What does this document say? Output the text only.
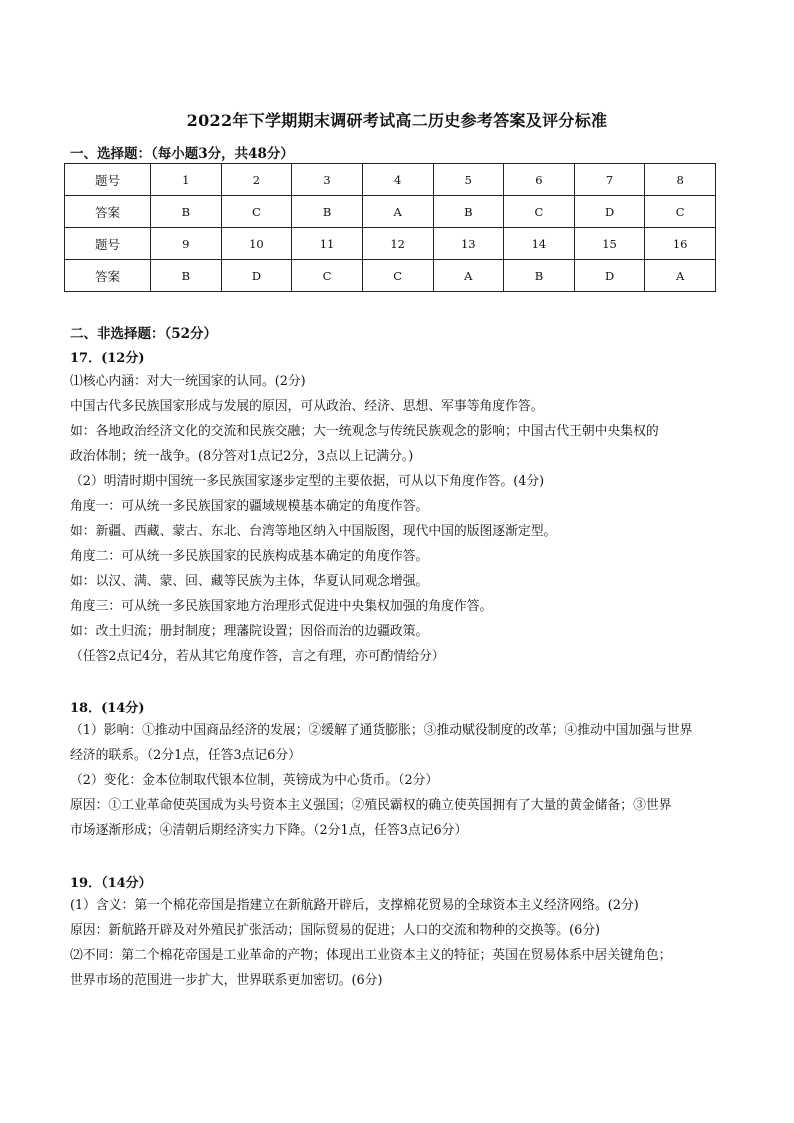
2022年下学期期末调研考试高二历史参考答案及评分标准
一、选择题：（每小题3分，共48分）
题号	1	2	3	4	5	6	7	8
答案	B	C	B	A	B	C	D	C
题号	9	10	11	12	13	14	15	16
答案	B	D	C	C	A	B	D	A
二、非选择题：（52分）
17．(12分)
⑴核心内涵：对大一统国家的认同。(2分)
中国古代多民族国家形成与发展的原因，可从政治、经济、思想、军事等角度作答。
如：各地政治经济文化的交流和民族交融；大一统观念与传统民族观念的影响；中国古代王朝中央集权的
政治体制；统一战争。(8分答对1点记2分，3点以上记满分。)
（2）明清时期中国统一多民族国家逐步定型的主要依据，可从以下角度作答。(4分)
角度一：可从统一多民族国家的疆域规模基本确定的角度作答。
如：新疆、西藏、蒙古、东北、台湾等地区纳入中国版图，现代中国的版图逐渐定型。
角度二：可从统一多民族国家的民族构成基本确定的角度作答。
如：以汉、满、蒙、回、藏等民族为主体，华夏认同观念增强。
角度三：可从统一多民族国家地方治理形式促进中央集权加强的角度作答。
如：改土归流；册封制度；理藩院设置；因俗而治的边疆政策。
（任答2点记4分，若从其它角度作答，言之有理，亦可酌情给分）
18．(14分)
（1）影响：①推动中国商品经济的发展；②缓解了通货膨胀；③推动赋役制度的改革；④推动中国加强与世界
经济的联系。（2分1点，任答3点记6分）
（2）变化：金本位制取代银本位制，英镑成为中心货币。（2分）
原因：①工业革命使英国成为头号资本主义强国；②殖民霸权的确立使英国拥有了大量的黄金储备；③世界
市场逐渐形成；④清朝后期经济实力下降。（2分1点，任答3点记6分）
19．（14分）
(1）含义：第一个棉花帝国是指建立在新航路开辟后，支撑棉花贸易的全球资本主义经济网络。(2分)
原因：新航路开辟及对外殖民扩张活动；国际贸易的促进；人口的交流和物种的交换等。(6分)
⑵不同：第二个棉花帝国是工业革命的产物；体现出工业资本主义的特征；英国在贸易体系中居关键角色；
世界市场的范围进一步扩大，世界联系更加密切。(6分)
